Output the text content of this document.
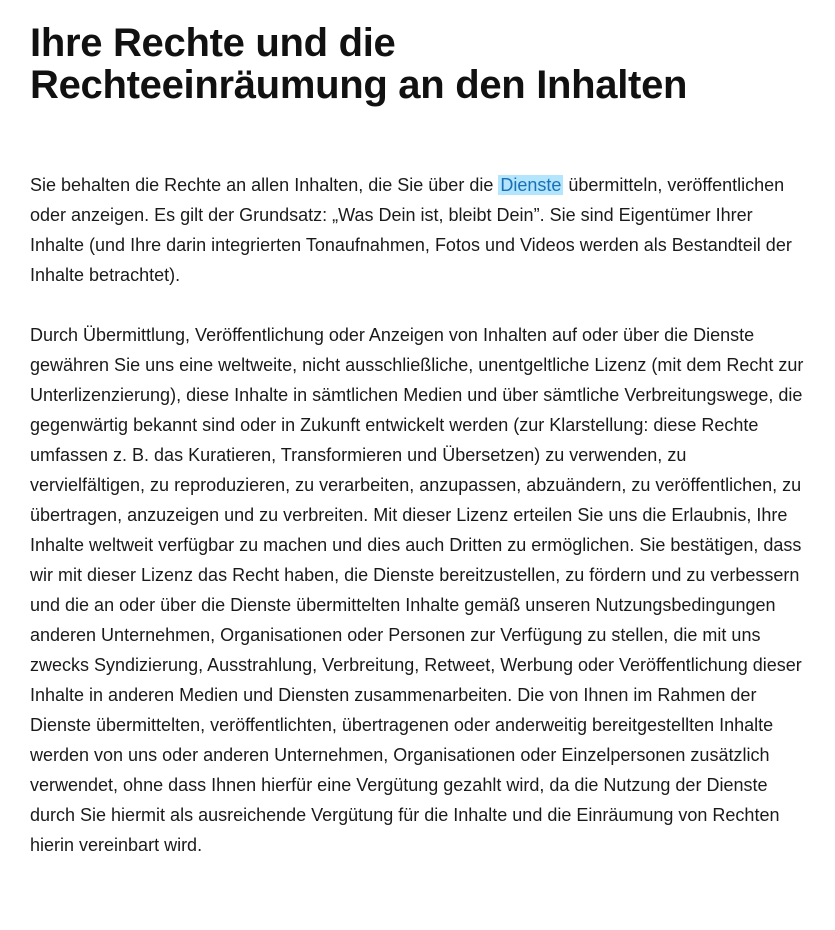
Ihre Rechte und die
Rechteeinräumung an den Inhalten

Sie behalten die Rechte an allen Inhalten, die Sie über die Dienste übermitteln, veröffentlichen oder anzeigen. Es gilt der Grundsatz: „Was Dein ist, bleibt Dein”. Sie sind Eigentümer Ihrer Inhalte (und Ihre darin integrierten Tonaufnahmen, Fotos und Videos werden als Bestandteil der Inhalte betrachtet).

Durch Übermittlung, Veröffentlichung oder Anzeigen von Inhalten auf oder über die Dienste gewähren Sie uns eine weltweite, nicht ausschließliche, unentgeltliche Lizenz (mit dem Recht zur Unterlizenzierung), diese Inhalte in sämtlichen Medien und über sämtliche Verbreitungswege, die gegenwärtig bekannt sind oder in Zukunft entwickelt werden (zur Klarstellung: diese Rechte umfassen z. B. das Kuratieren, Transformieren und Übersetzen) zu verwenden, zu vervielfältigen, zu reproduzieren, zu verarbeiten, anzupassen, abzuändern, zu veröffentlichen, zu übertragen, anzuzeigen und zu verbreiten. Mit dieser Lizenz erteilen Sie uns die Erlaubnis, Ihre Inhalte weltweit verfügbar zu machen und dies auch Dritten zu ermöglichen. Sie bestätigen, dass wir mit dieser Lizenz das Recht haben, die Dienste bereitzustellen, zu fördern und zu verbessern und die an oder über die Dienste übermittelten Inhalte gemäß unseren Nutzungsbedingungen anderen Unternehmen, Organisationen oder Personen zur Verfügung zu stellen, die mit uns zwecks Syndizierung, Ausstrahlung, Verbreitung, Retweet, Werbung oder Veröffentlichung dieser Inhalte in anderen Medien und Diensten zusammenarbeiten. Die von Ihnen im Rahmen der Dienste übermittelten, veröffentlichten, übertragenen oder anderweitig bereitgestellten Inhalte werden von uns oder anderen Unternehmen, Organisationen oder Einzelpersonen zusätzlich verwendet, ohne dass Ihnen hierfür eine Vergütung gezahlt wird, da die Nutzung der Dienste durch Sie hiermit als ausreichende Vergütung für die Inhalte und die Einräumung von Rechten hierin vereinbart wird.
